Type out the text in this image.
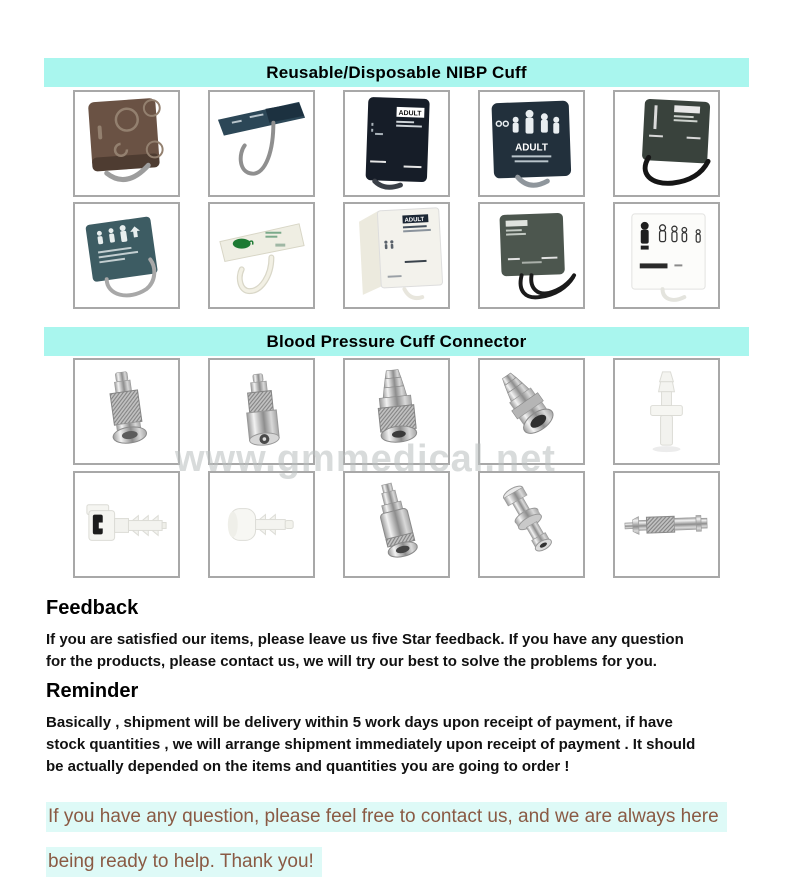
Reusable/Disposable NIBP Cuff
ADULT
ADULT
ADULT
Blood Pressure Cuff Connector
www.gmmedical.net
Feedback
If you are satisfied our items, please leave us five Star feedback. If you have any question
for the products, please contact us, we will try our best to solve the problems for you.
Reminder
Basically , shipment will be delivery within 5 work days upon receipt of payment, if have
stock quantities , we will arrange shipment immediately upon receipt of payment . It should
be actually depended on the items and quantities you are going to order !
If you have any question, please feel free to contact us, and we are always here
being ready to help. Thank you!
